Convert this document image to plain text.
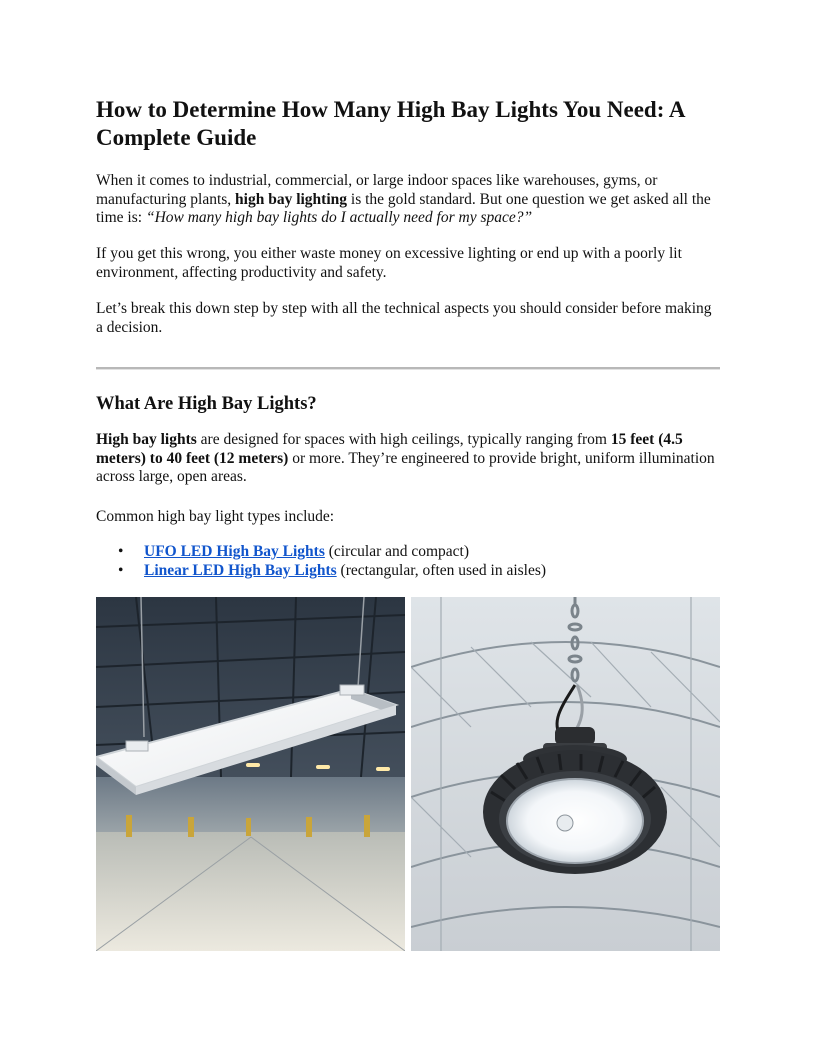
How to Determine How Many High Bay Lights You Need: A Complete Guide

When it comes to industrial, commercial, or large indoor spaces like warehouses, gyms, or manufacturing plants, high bay lighting is the gold standard. But one question we get asked all the time is: “How many high bay lights do I actually need for my space?”

If you get this wrong, you either waste money on excessive lighting or end up with a poorly lit environment, affecting productivity and safety.

Let’s break this down step by step with all the technical aspects you should consider before making a decision.

What Are High Bay Lights?

High bay lights are designed for spaces with high ceilings, typically ranging from 15 feet (4.5 meters) to 40 feet (12 meters) or more. They’re engineered to provide bright, uniform illumination across large, open areas.

Common high bay light types include:

• UFO LED High Bay Lights (circular and compact)
• Linear LED High Bay Lights (rectangular, often used in aisles)
